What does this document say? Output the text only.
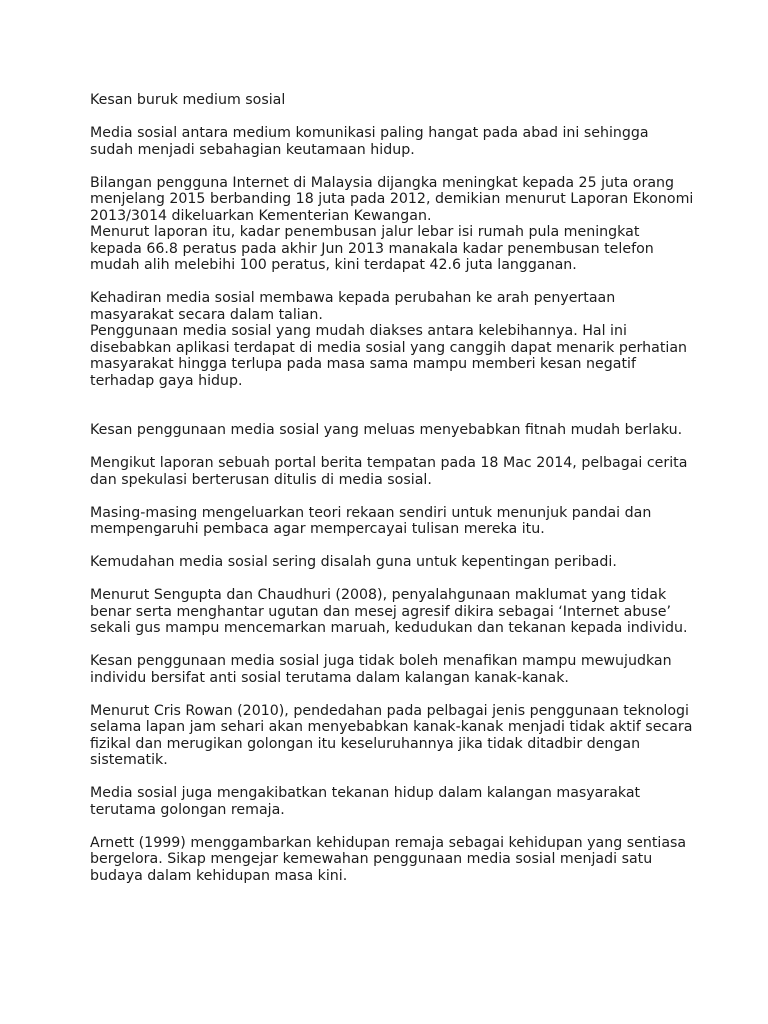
Kesan buruk medium sosial

Media sosial antara medium komunikasi paling hangat pada abad ini sehingga
sudah menjadi sebahagian keutamaan hidup.

Bilangan pengguna Internet di Malaysia dijangka meningkat kepada 25 juta orang
menjelang 2015 berbanding 18 juta pada 2012, demikian menurut Laporan Ekonomi
2013/3014 dikeluarkan Kementerian Kewangan.
Menurut laporan itu, kadar penembusan jalur lebar isi rumah pula meningkat
kepada 66.8 peratus pada akhir Jun 2013 manakala kadar penembusan telefon
mudah alih melebihi 100 peratus, kini terdapat 42.6 juta langganan.

Kehadiran media sosial membawa kepada perubahan ke arah penyertaan
masyarakat secara dalam talian.
Penggunaan media sosial yang mudah diakses antara kelebihannya. Hal ini
disebabkan aplikasi terdapat di media sosial yang canggih dapat menarik perhatian
masyarakat hingga terlupa pada masa sama mampu memberi kesan negatif
terhadap gaya hidup.

Kesan penggunaan media sosial yang meluas menyebabkan fitnah mudah berlaku.

Mengikut laporan sebuah portal berita tempatan pada 18 Mac 2014, pelbagai cerita
dan spekulasi berterusan ditulis di media sosial.

Masing-masing mengeluarkan teori rekaan sendiri untuk menunjuk pandai dan
mempengaruhi pembaca agar mempercayai tulisan mereka itu.

Kemudahan media sosial sering disalah guna untuk kepentingan peribadi.

Menurut Sengupta dan Chaudhuri (2008), penyalahgunaan maklumat yang tidak
benar serta menghantar ugutan dan mesej agresif dikira sebagai ‘Internet abuse’
sekali gus mampu mencemarkan maruah, kedudukan dan tekanan kepada individu.

Kesan penggunaan media sosial juga tidak boleh menafikan mampu mewujudkan
individu bersifat anti sosial terutama dalam kalangan kanak-kanak.

Menurut Cris Rowan (2010), pendedahan pada pelbagai jenis penggunaan teknologi
selama lapan jam sehari akan menyebabkan kanak-kanak menjadi tidak aktif secara
fizikal dan merugikan golongan itu keseluruhannya jika tidak ditadbir dengan
sistematik.

Media sosial juga mengakibatkan tekanan hidup dalam kalangan masyarakat
terutama golongan remaja.

Arnett (1999) menggambarkan kehidupan remaja sebagai kehidupan yang sentiasa
bergelora. Sikap mengejar kemewahan penggunaan media sosial menjadi satu
budaya dalam kehidupan masa kini.
